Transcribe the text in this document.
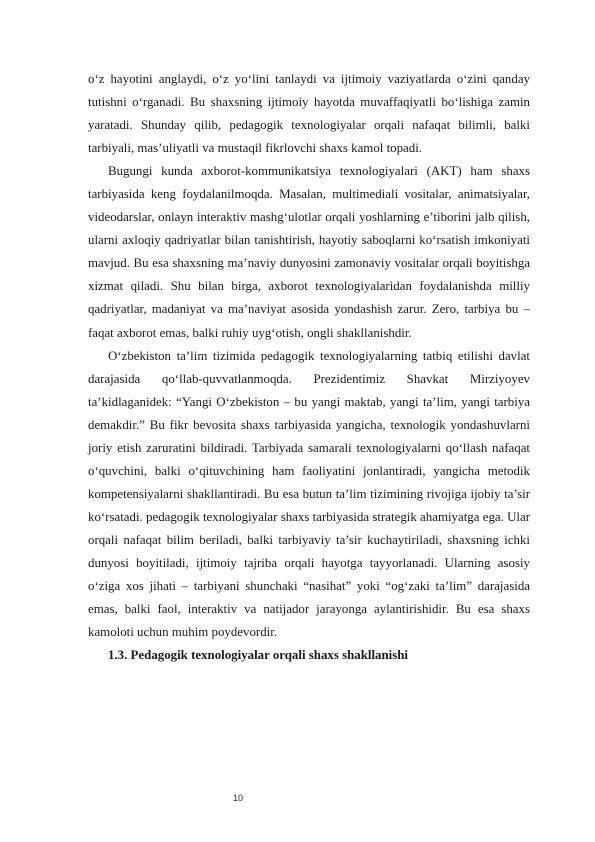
o‘z hayotini anglaydi, o‘z yo‘lini tanlaydi va ijtimoiy vaziyatlarda o‘zini qanday tutishni o‘rganadi. Bu shaxsning ijtimoiy hayotda muvaffaqiyatli bo‘lishiga zamin yaratadi. Shunday qilib, pedagogik texnologiyalar orqali nafaqat bilimli, balki tarbiyali, mas’uliyatli va mustaqil fikrlovchi shaxs kamol topadi.

Bugungi kunda axborot-kommunikatsiya texnologiyalari (AKT) ham shaxs tarbiyasida keng foydalanilmoqda. Masalan, multimediali vositalar, animatsiyalar, videodarslar, onlayn interaktiv mashg‘ulotlar orqali yoshlarning e’tiborini jalb qilish, ularni axloqiy qadriyatlar bilan tanishtirish, hayotiy saboqlarni ko‘rsatish imkoniyati mavjud. Bu esa shaxsning ma’naviy dunyosini zamonaviy vositalar orqali boyitishga xizmat qiladi. Shu bilan birga, axborot texnologiyalaridan foydalanishda milliy qadriyatlar, madaniyat va ma’naviyat asosida yondashish zarur. Zero, tarbiya bu – faqat axborot emas, balki ruhiy uyg‘otish, ongli shakllanishdir.

O‘zbekiston ta’lim tizimida pedagogik texnologiyalarning tatbiq etilishi davlat darajasida qo‘llab-quvvatlanmoqda. Prezidentimiz Shavkat Mirziyoyev ta’kidlaganidek: “Yangi O‘zbekiston – bu yangi maktab, yangi ta’lim, yangi tarbiya demakdir.” Bu fikr bevosita shaxs tarbiyasida yangicha, texnologik yondashuvlarni joriy etish zaruratini bildiradi. Tarbiyada samarali texnologiyalarni qo‘llash nafaqat o‘quvchini, balki o‘qituvchining ham faoliyatini jonlantiradi, yangicha metodik kompetensiyalarni shakllantiradi. Bu esa butun ta’lim tizimining rivojiga ijobiy ta’sir ko‘rsatadi. pedagogik texnologiyalar shaxs tarbiyasida strategik ahamiyatga ega. Ular orqali nafaqat bilim beriladi, balki tarbiyaviy ta’sir kuchaytiriladi, shaxsning ichki dunyosi boyitiladi, ijtimoiy tajriba orqali hayotga tayyorlanadi. Ularning asosiy o‘ziga xos jihati – tarbiyani shunchaki “nasihat” yoki “og‘zaki ta’lim” darajasida emas, balki faol, interaktiv va natijador jarayonga aylantirishidir. Bu esa shaxs kamoloti uchun muhim poydevordir.

1.3. Pedagogik texnologiyalar orqali shaxs shakllanishi

10
